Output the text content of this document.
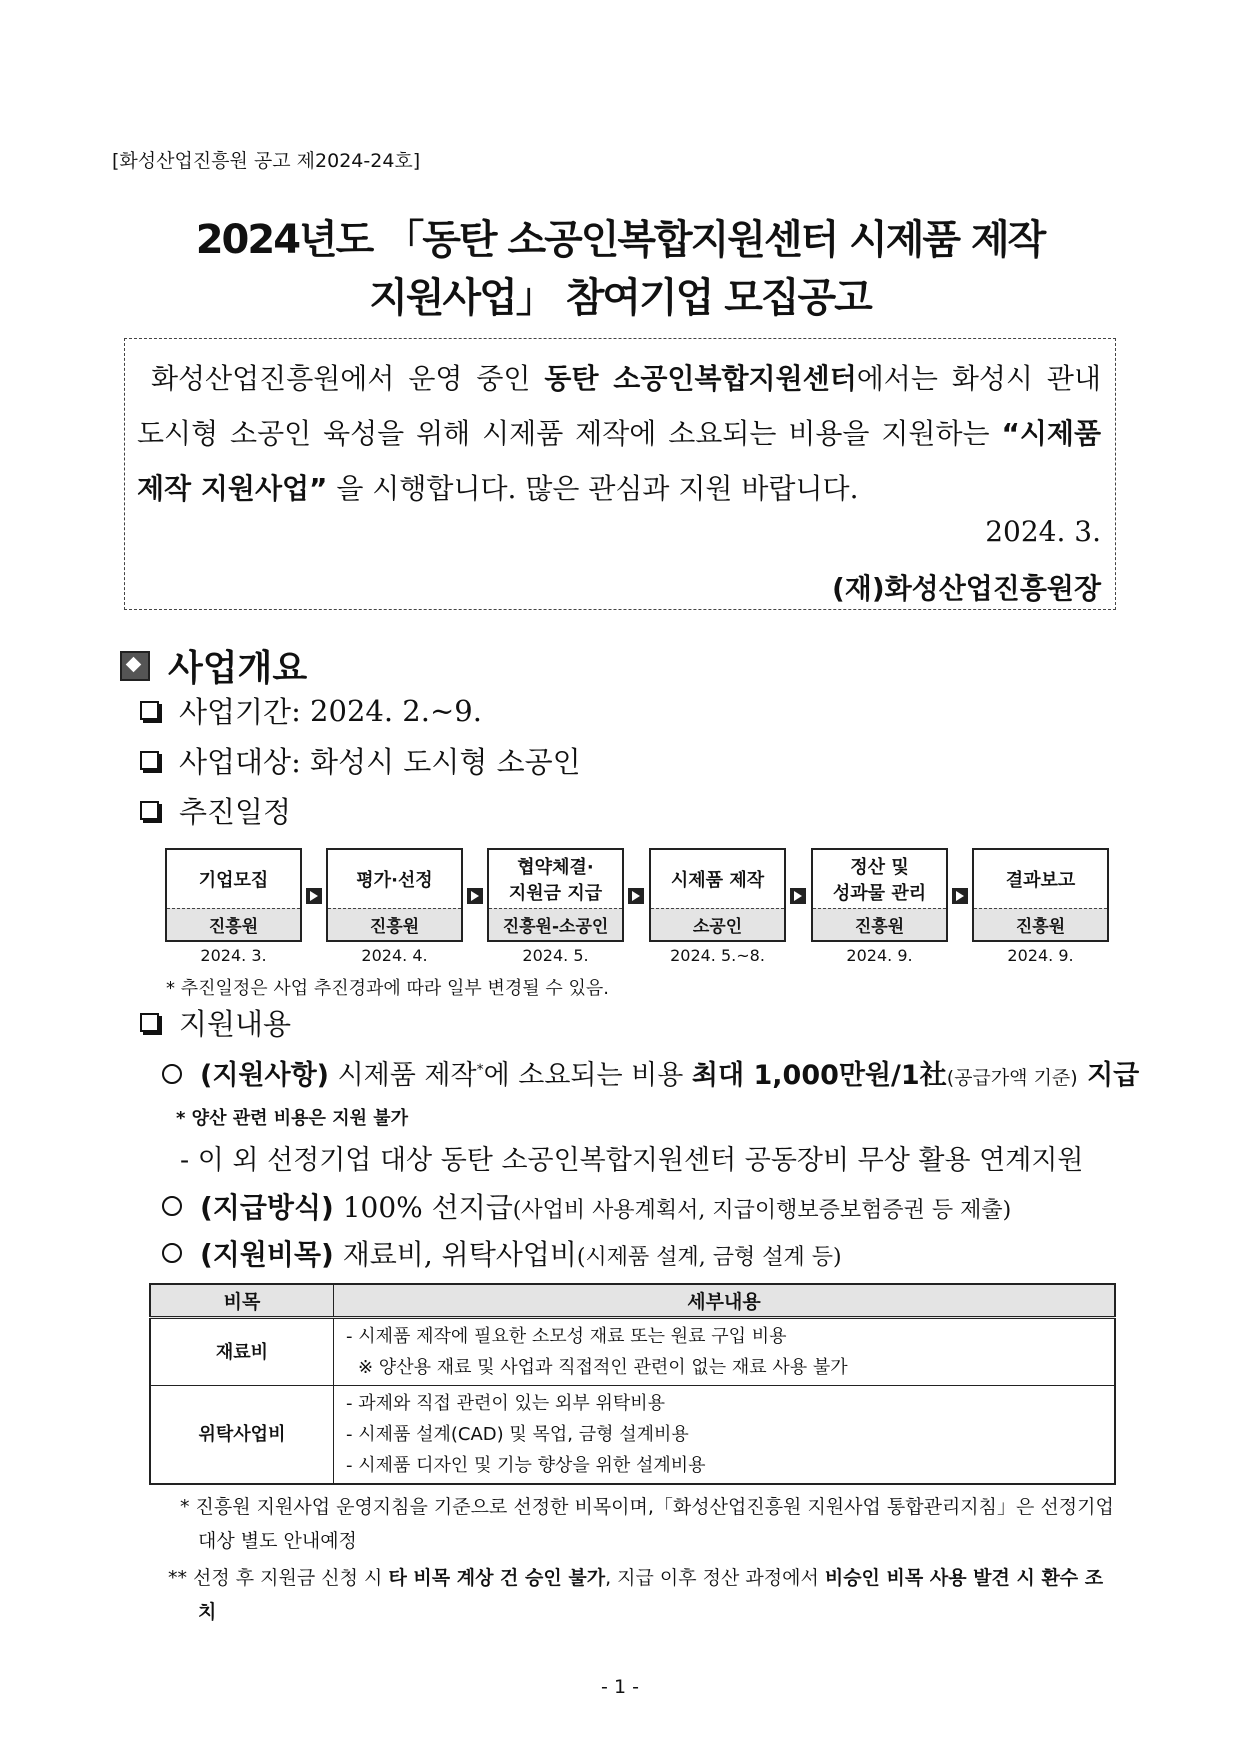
[화성산업진흥원 공고 제2024-24호]
2024년도 「동탄 소공인복합지원센터 시제품 제작
지원사업」 참여기업 모집공고
화성산업진흥원에서 운영 중인 동탄 소공인복합지원센터에서는 화성시 관내 도시형 소공인 육성을 위해 시제품 제작에 소요되는 비용을 지원하는 “시제품 제작 지원사업” 을 시행합니다. 많은 관심과 지원 바랍니다.
2024. 3.
(재)화성산업진흥원장
사업개요
사업기간 : 2024. 2.~9.
사업대상 : 화성시 도시형 소공인
추진일정
기업모집
진흥원
2024. 3.
평가·선정
진흥원
2024. 4.
협약체결·
지원금 지급
진흥원-소공인
2024. 5.
시제품 제작
소공인
2024. 5.~8.
정산 및
성과물 관리
진흥원
2024. 9.
결과보고
진흥원
2024. 9.
* 추진일정은 사업 추진경과에 따라 일부 변경될 수 있음.
지원내용
(지원사항) 시제품 제작*에 소요되는 비용 최대 1,000만원/1社(공급가액 기준) 지급
* 양산 관련 비용은 지원 불가
- 이 외 선정기업 대상 동탄 소공인복합지원센터 공동장비 무상 활용 연계지원
(지급방식) 100% 선지급(사업비 사용계획서, 지급이행보증보험증권 등 제출)
(지원비목) 재료비, 위탁사업비(시제품 설계, 금형 설계 등)
비목	세부내용
재료비	- 시제품 제작에 필요한 소모성 재료 또는 원료 구입 비용
※ 양산용 재료 및 사업과 직접적인 관련이 없는 재료 사용 불가

위탁사업비	- 과제와 직접 관련이 있는 외부 위탁비용
- 시제품 설계(CAD) 및 목업, 금형 설계비용
- 시제품 디자인 및 기능 향상을 위한 설계비용
* 진흥원 지원사업 운영지침을 기준으로 선정한 비목이며,「화성산업진흥원 지원사업 통합관리지침」은 선정기업 대상 별도 안내예정
** 선정 후 지원금 신청 시 타 비목 계상 건 승인 불가, 지급 이후 정산 과정에서 비승인 비목 사용 발견 시 환수 조치
- 1 -
